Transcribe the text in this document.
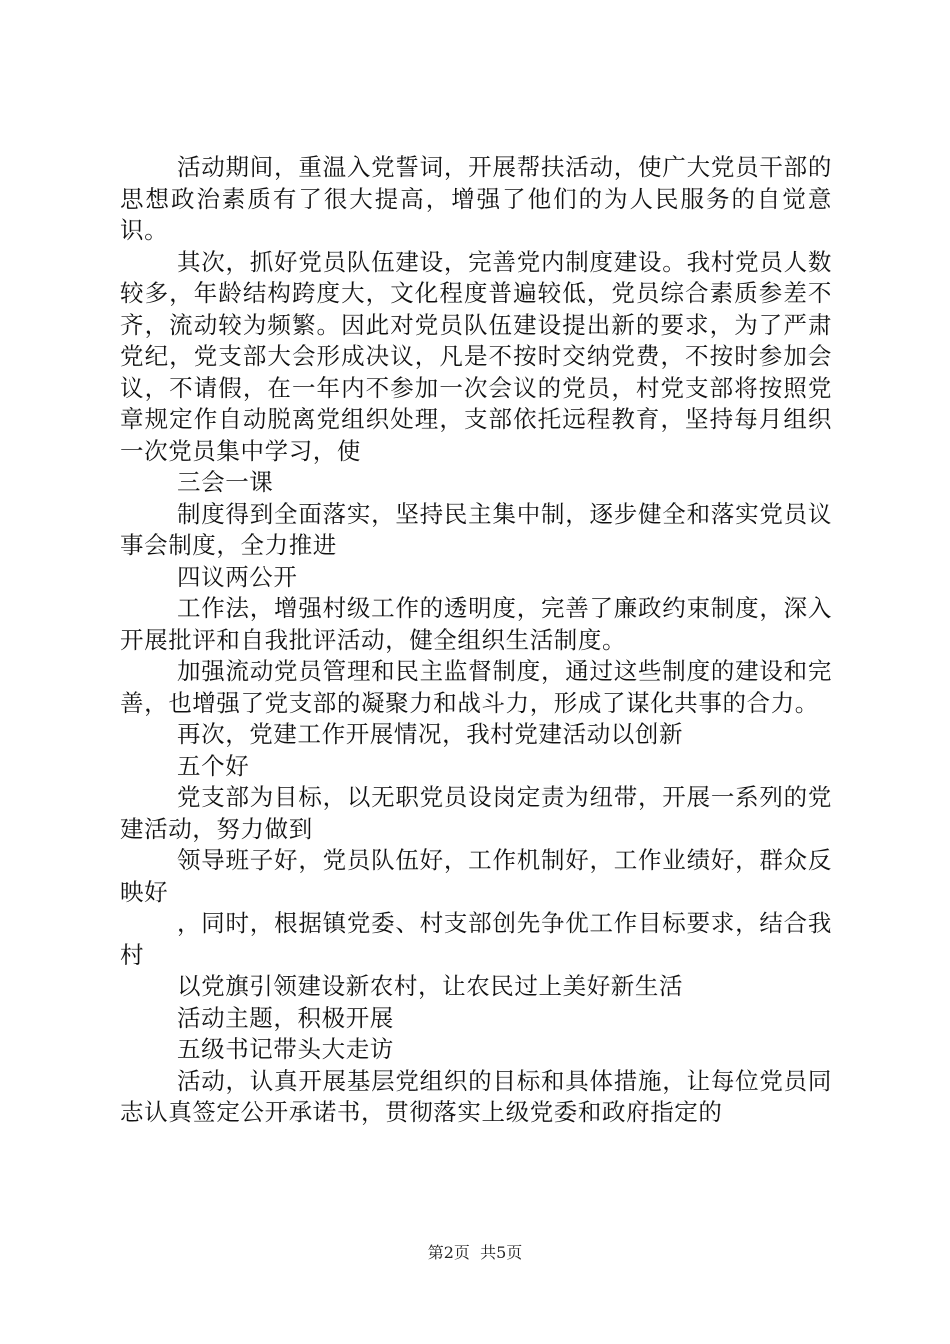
活动期间，重温入党誓词，开展帮扶活动，使广大党员干部的思想政治素质有了很大提高，增强了他们的为人民服务的自觉意识。

其次，抓好党员队伍建设，完善党内制度建设。我村党员人数较多，年龄结构跨度大，文化程度普遍较低，党员综合素质参差不齐，流动较为频繁。因此对党员队伍建设提出新的要求，为了严肃党纪，党支部大会形成决议，凡是不按时交纳党费，不按时参加会议，不请假，在一年内不参加一次会议的党员，村党支部将按照党章规定作自动脱离党组织处理，支部依托远程教育，坚持每月组织一次党员集中学习，使

三会一课

制度得到全面落实，坚持民主集中制，逐步健全和落实党员议事会制度，全力推进

四议两公开

工作法，增强村级工作的透明度，完善了廉政约束制度，深入开展批评和自我批评活动，健全组织生活制度。

加强流动党员管理和民主监督制度，通过这些制度的建设和完善，也增强了党支部的凝聚力和战斗力，形成了谋化共事的合力。

再次，党建工作开展情况，我村党建活动以创新

五个好

党支部为目标，以无职党员设岗定责为纽带，开展一系列的党建活动，努力做到

领导班子好，党员队伍好，工作机制好，工作业绩好，群众反映好

，同时，根据镇党委、村支部创先争优工作目标要求，结合我村

以党旗引领建设新农村，让农民过上美好新生活

活动主题，积极开展

五级书记带头大走访

活动，认真开展基层党组织的目标和具体措施，让每位党员同志认真签定公开承诺书，贯彻落实上级党委和政府指定的

第2页 共5页
